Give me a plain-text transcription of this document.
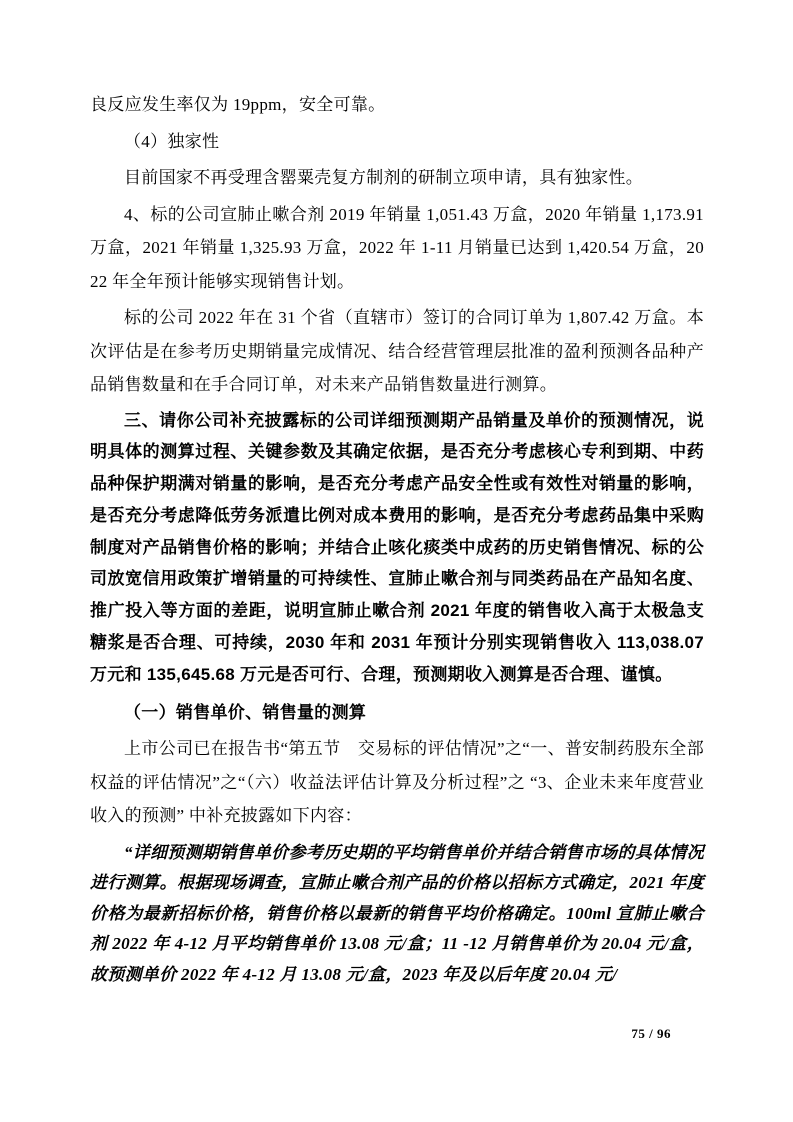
良反应发生率仅为 19ppm，安全可靠。

（4）独家性

目前国家不再受理含罂粟壳复方制剂的研制立项申请，具有独家性。

4、标的公司宣肺止嗽合剂 2019 年销量 1,051.43 万盒，2020 年销量 1,173.91 万盒，2021 年销量 1,325.93 万盒，2022 年 1-11 月销量已达到 1,420.54 万盒，2022 年全年预计能够实现销售计划。

标的公司 2022 年在 31 个省（直辖市）签订的合同订单为 1,807.42 万盒。本次评估是在参考历史期销量完成情况、结合经营管理层批准的盈利预测各品种产品销售数量和在手合同订单，对未来产品销售数量进行测算。

三、请你公司补充披露标的公司详细预测期产品销量及单价的预测情况，说明具体的测算过程、关键参数及其确定依据，是否充分考虑核心专利到期、中药品种保护期满对销量的影响，是否充分考虑产品安全性或有效性对销量的影响，是否充分考虑降低劳务派遣比例对成本费用的影响，是否充分考虑药品集中采购制度对产品销售价格的影响；并结合止咳化痰类中成药的历史销售情况、标的公司放宽信用政策扩增销量的可持续性、宣肺止嗽合剂与同类药品在产品知名度、推广投入等方面的差距，说明宣肺止嗽合剂 2021 年度的销售收入高于太极急支糖浆是否合理、可持续，2030 年和 2031 年预计分别实现销售收入 113,038.07 万元和 135,645.68 万元是否可行、合理，预测期收入测算是否合理、谨慎。

（一）销售单价、销售量的测算

上市公司已在报告书“第五节　交易标的评估情况”之“一、普安制药股东全部权益的评估情况”之“（六）收益法评估计算及分析过程”之 “3、企业未来年度营业收入的预测” 中补充披露如下内容：

“详细预测期销售单价参考历史期的平均销售单价并结合销售市场的具体情况进行测算。根据现场调查，宣肺止嗽合剂产品的价格以招标方式确定，2021 年度价格为最新招标价格，销售价格以最新的销售平均价格确定。100ml 宣肺止嗽合剂 2022 年 4-12 月平均销售单价 13.08 元/盒；11 -12 月销售单价为 20.04 元/盒，故预测单价 2022 年 4-12 月 13.08 元/盒，2023 年及以后年度 20.04 元/

75 / 96
